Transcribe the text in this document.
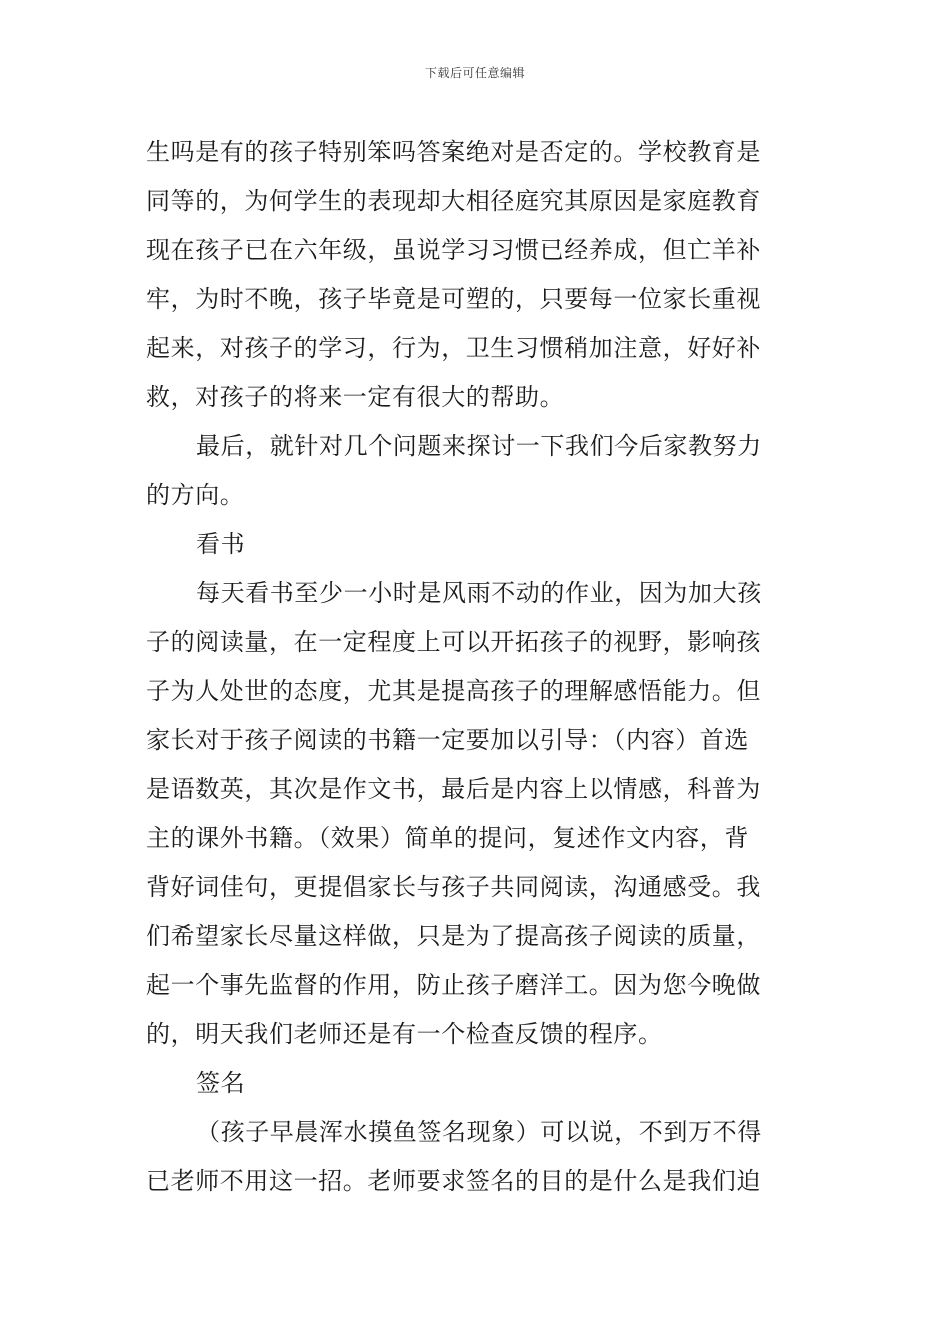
下载后可任意编辑
生吗是有的孩子特别笨吗答案绝对是否定的。学校教育是
同等的，为何学生的表现却大相径庭究其原因是家庭教育
现在孩子已在六年级，虽说学习习惯已经养成，但亡羊补
牢，为时不晚，孩子毕竟是可塑的，只要每一位家长重视
起来，对孩子的学习，行为，卫生习惯稍加注意，好好补
救，对孩子的将来一定有很大的帮助。
最后，就针对几个问题来探讨一下我们今后家教努力
的方向。
看书
每天看书至少一小时是风雨不动的作业，因为加大孩
子的阅读量，在一定程度上可以开拓孩子的视野，影响孩
子为人处世的态度，尤其是提高孩子的理解感悟能力。但
家长对于孩子阅读的书籍一定要加以引导：（内容）首选
是语数英，其次是作文书，最后是内容上以情感，科普为
主的课外书籍。（效果）简单的提问，复述作文内容，背
背好词佳句，更提倡家长与孩子共同阅读，沟通感受。我
们希望家长尽量这样做，只是为了提高孩子阅读的质量，
起一个事先监督的作用，防止孩子磨洋工。因为您今晚做
的，明天我们老师还是有一个检查反馈的程序。
签名
（孩子早晨浑水摸鱼签名现象）可以说，不到万不得
已老师不用这一招。老师要求签名的目的是什么是我们迫
